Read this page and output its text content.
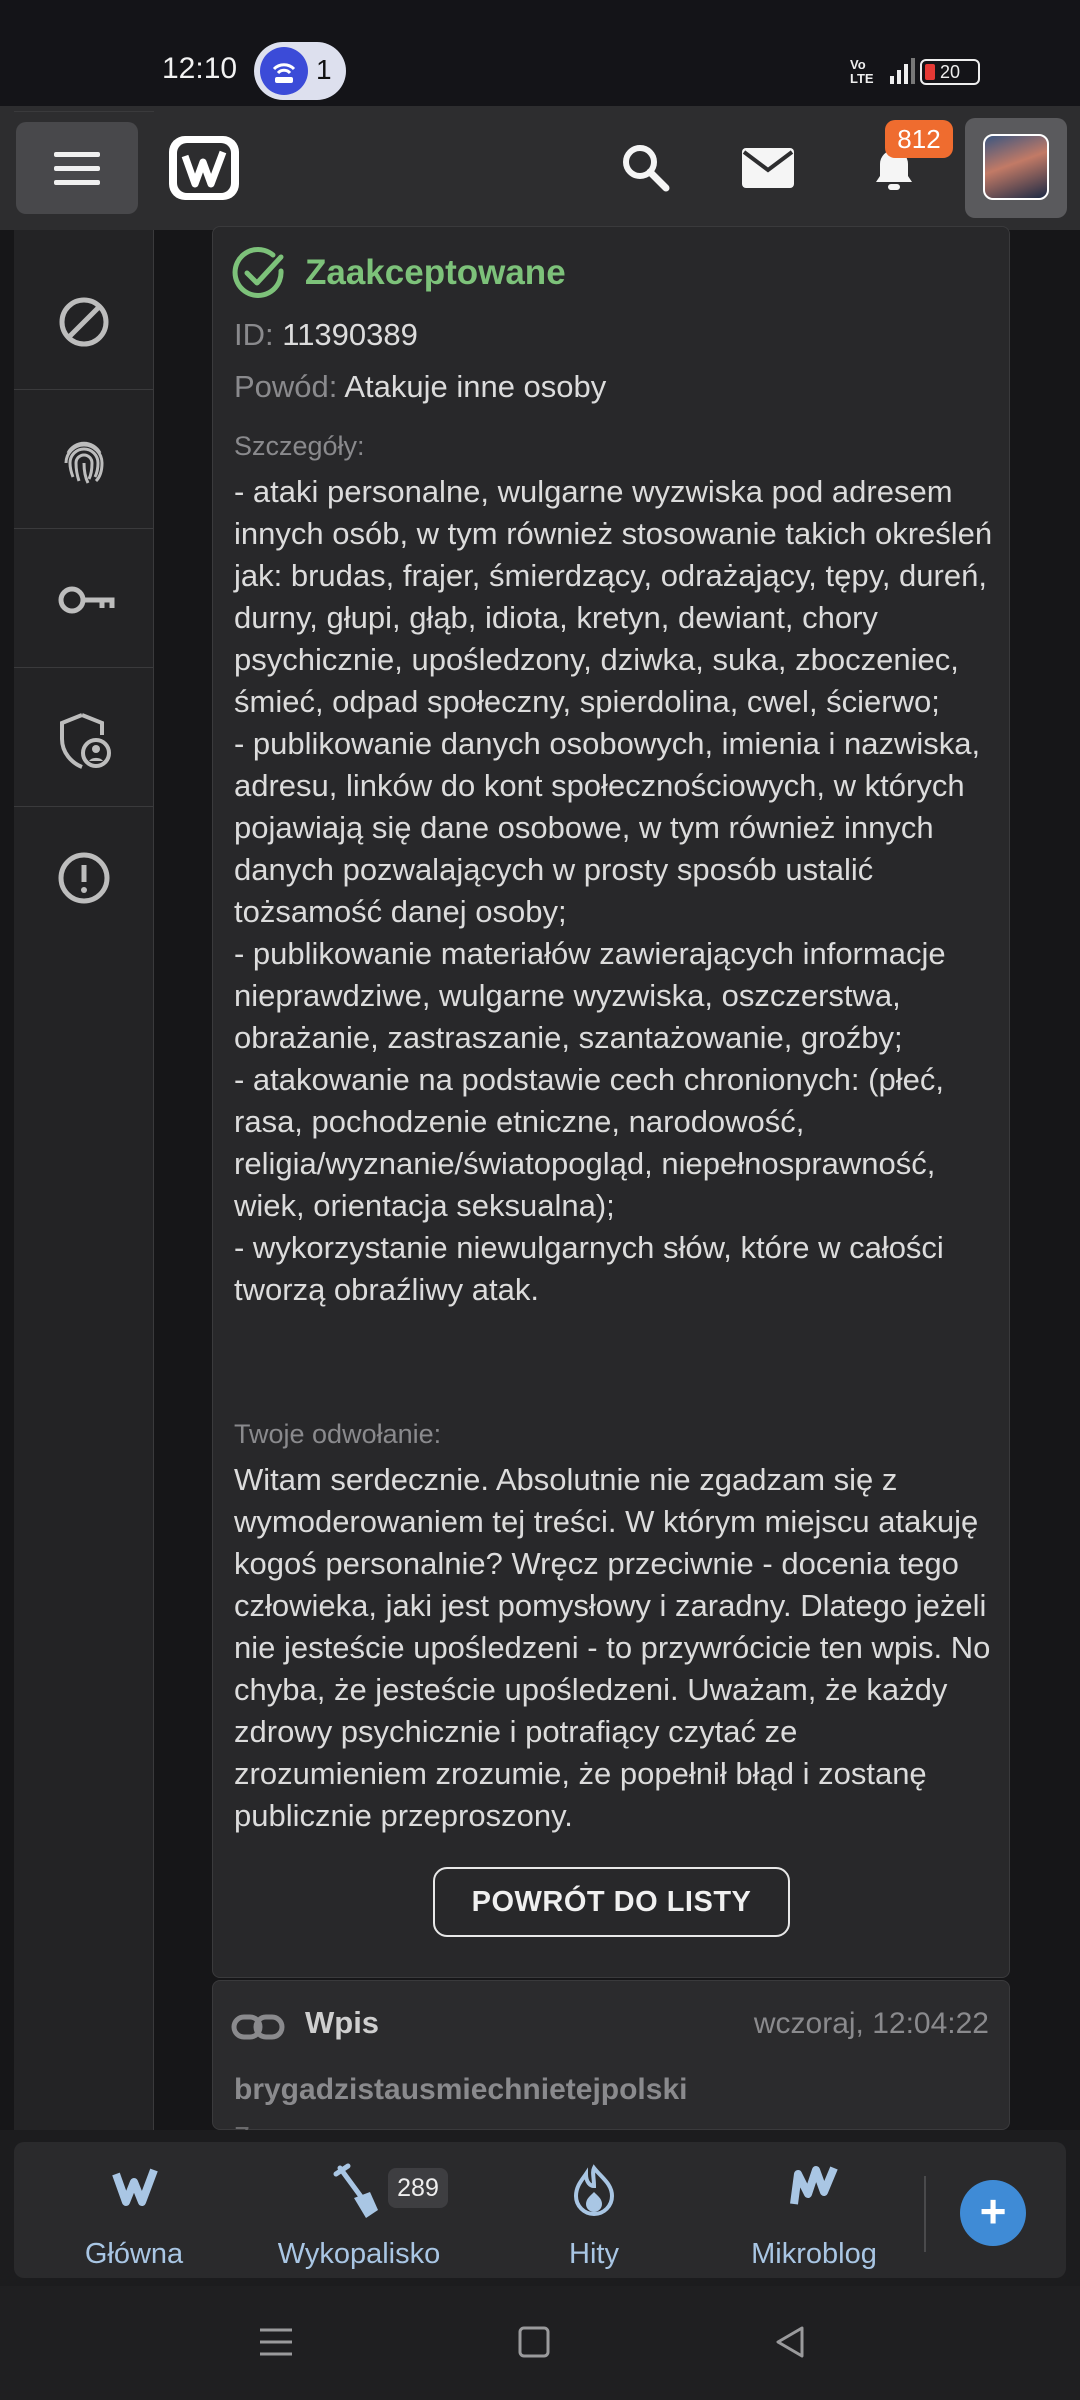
12:10	1	Vo
LTE	20
812
Zaakceptowane
ID: 11390389
Powód: Atakuje inne osoby
Szczegóły:
- ataki personalne, wulgarne wyzwiska pod adresem innych osób, w tym również stosowanie takich określeń jak: brudas, frajer, śmierdzący, odrażający, tępy, dureń, durny, głupi, głąb, idiota, kretyn, dewiant, chory psychicznie, upośledzony, dziwka, suka, zboczeniec, śmieć, odpad społeczny, spierdolina, cwel, ścierwo;
- publikowanie danych osobowych, imienia i nazwiska, adresu, linków do kont społecznościowych, w których pojawiają się dane osobowe, w tym również innych danych pozwalających w prosty sposób ustalić tożsamość danej osoby;
- publikowanie materiałów zawierających informacje nieprawdziwe, wulgarne wyzwiska, oszczerstwa, obrażanie, zastraszanie, szantażowanie, groźby;
- atakowanie na podstawie cech chronionych: (płeć, rasa, pochodzenie etniczne, narodowość, religia/wyznanie/światopogląd, niepełnosprawność, wiek, orientacja seksualna);
- wykorzystanie niewulgarnych słów, które w całości tworzą obraźliwy atak.
Twoje odwołanie:
Witam serdecznie. Absolutnie nie zgadzam się z wymoderowaniem tej treści. W którym miejscu atakuję kogoś personalnie? Wręcz przeciwnie - docenia tego człowieka, jaki jest pomysłowy i zaradny. Dlatego jeżeli nie jesteście upośledzeni - to przywrócicie ten wpis. No chyba, że jesteście upośledzeni. Uważam, że każdy zdrowy psychicznie i potrafiący czytać ze zrozumieniem zrozumie, że popełnił błąd i zostanę publicznie przeproszony.
POWRÓT DO LISTY
Wpis	wczoraj, 12:04:22
brygadzistausmiechnietejpolski
Główna	Wykopalisko
289
Hity	Mikroblog
+
